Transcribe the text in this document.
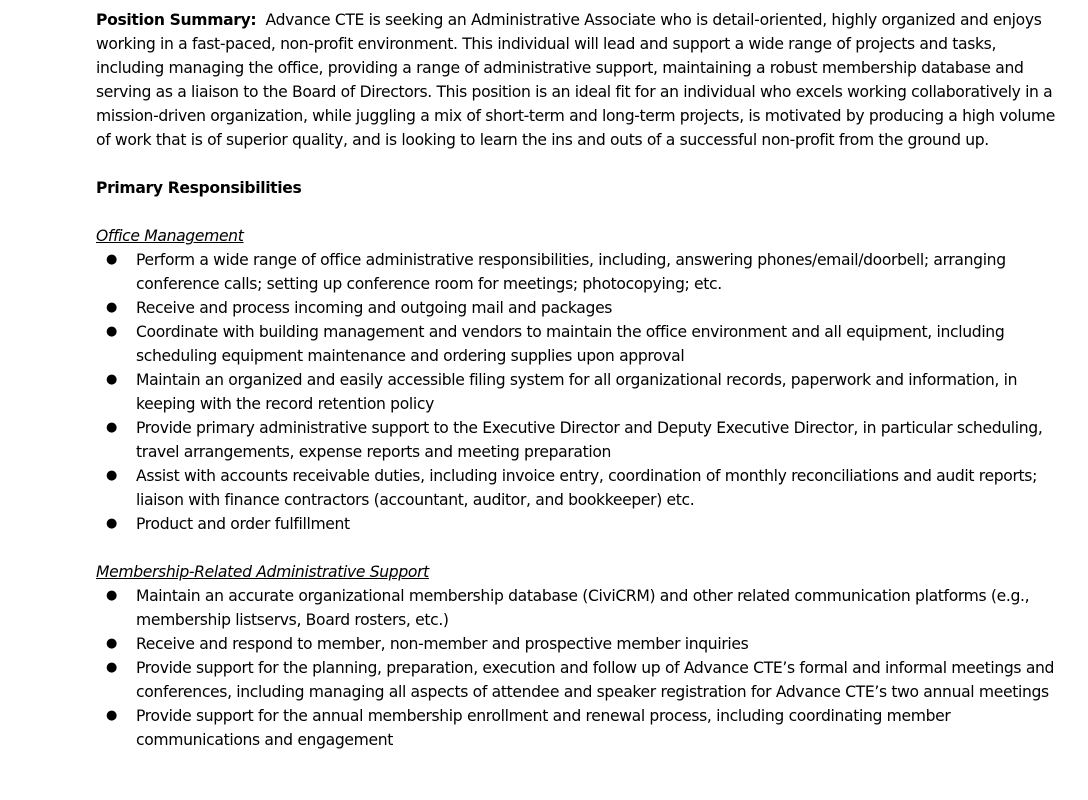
Position Summary: Advance CTE is seeking an Administrative Associate who is detail-oriented, highly organized and enjoys working in a fast-paced, non-profit environment. This individual will lead and support a wide range of projects and tasks, including managing the office, providing a range of administrative support, maintaining a robust membership database and serving as a liaison to the Board of Directors. This position is an ideal fit for an individual who excels working collaboratively in a mission-driven organization, while juggling a mix of short-term and long-term projects, is motivated by producing a high volume of work that is of superior quality, and is looking to learn the ins and outs of a successful non-profit from the ground up.

Primary Responsibilities

Office Management

● Perform a wide range of office administrative responsibilities, including, answering phones/email/doorbell; arranging conference calls; setting up conference room for meetings; photocopying; etc.
● Receive and process incoming and outgoing mail and packages
● Coordinate with building management and vendors to maintain the office environment and all equipment, including scheduling equipment maintenance and ordering supplies upon approval
● Maintain an organized and easily accessible filing system for all organizational records, paperwork and information, in keeping with the record retention policy
● Provide primary administrative support to the Executive Director and Deputy Executive Director, in particular scheduling, travel arrangements, expense reports and meeting preparation
● Assist with accounts receivable duties, including invoice entry, coordination of monthly reconciliations and audit reports; liaison with finance contractors (accountant, auditor, and bookkeeper) etc.
● Product and order fulfillment

Membership-Related Administrative Support

● Maintain an accurate organizational membership database (CiviCRM) and other related communication platforms (e.g., membership listservs, Board rosters, etc.)
● Receive and respond to member, non-member and prospective member inquiries
● Provide support for the planning, preparation, execution and follow up of Advance CTE’s formal and informal meetings and conferences, including managing all aspects of attendee and speaker registration for Advance CTE’s two annual meetings
● Provide support for the annual membership enrollment and renewal process, including coordinating member communications and engagement
